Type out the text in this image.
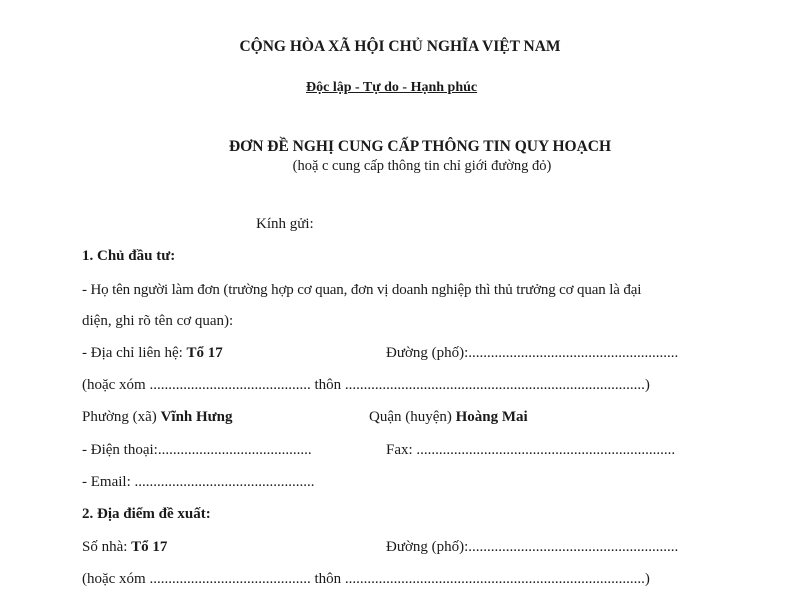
CỘNG HÒA XÃ HỘI CHỦ NGHĨA VIỆT NAM
Độc lập - Tự do - Hạnh phúc
ĐƠN ĐỀ NGHỊ CUNG CẤP THÔNG TIN QUY HOẠCH
(hoặ c cung cấp thông tin chỉ giới đường đỏ)
Kính gửi:
1. Chủ đầu tư:
- Họ tên người làm đơn (trường hợp cơ quan, đơn vị doanh nghiệp thì thủ trưởng cơ quan là đại
diện, ghi rõ tên cơ quan):
- Địa chỉ liên hệ: Tổ 17	Đường (phố):........................................................
(hoặc xóm ........................................... thôn ................................................................................)
Phường (xã) Vĩnh Hưng	Quận (huyện) Hoàng Mai
- Điện thoại:.........................................	Fax: .....................................................................
- Email: ................................................
2. Địa điểm đề xuất:
Số nhà: Tổ 17	Đường (phố):........................................................
(hoặc xóm ........................................... thôn ................................................................................)
